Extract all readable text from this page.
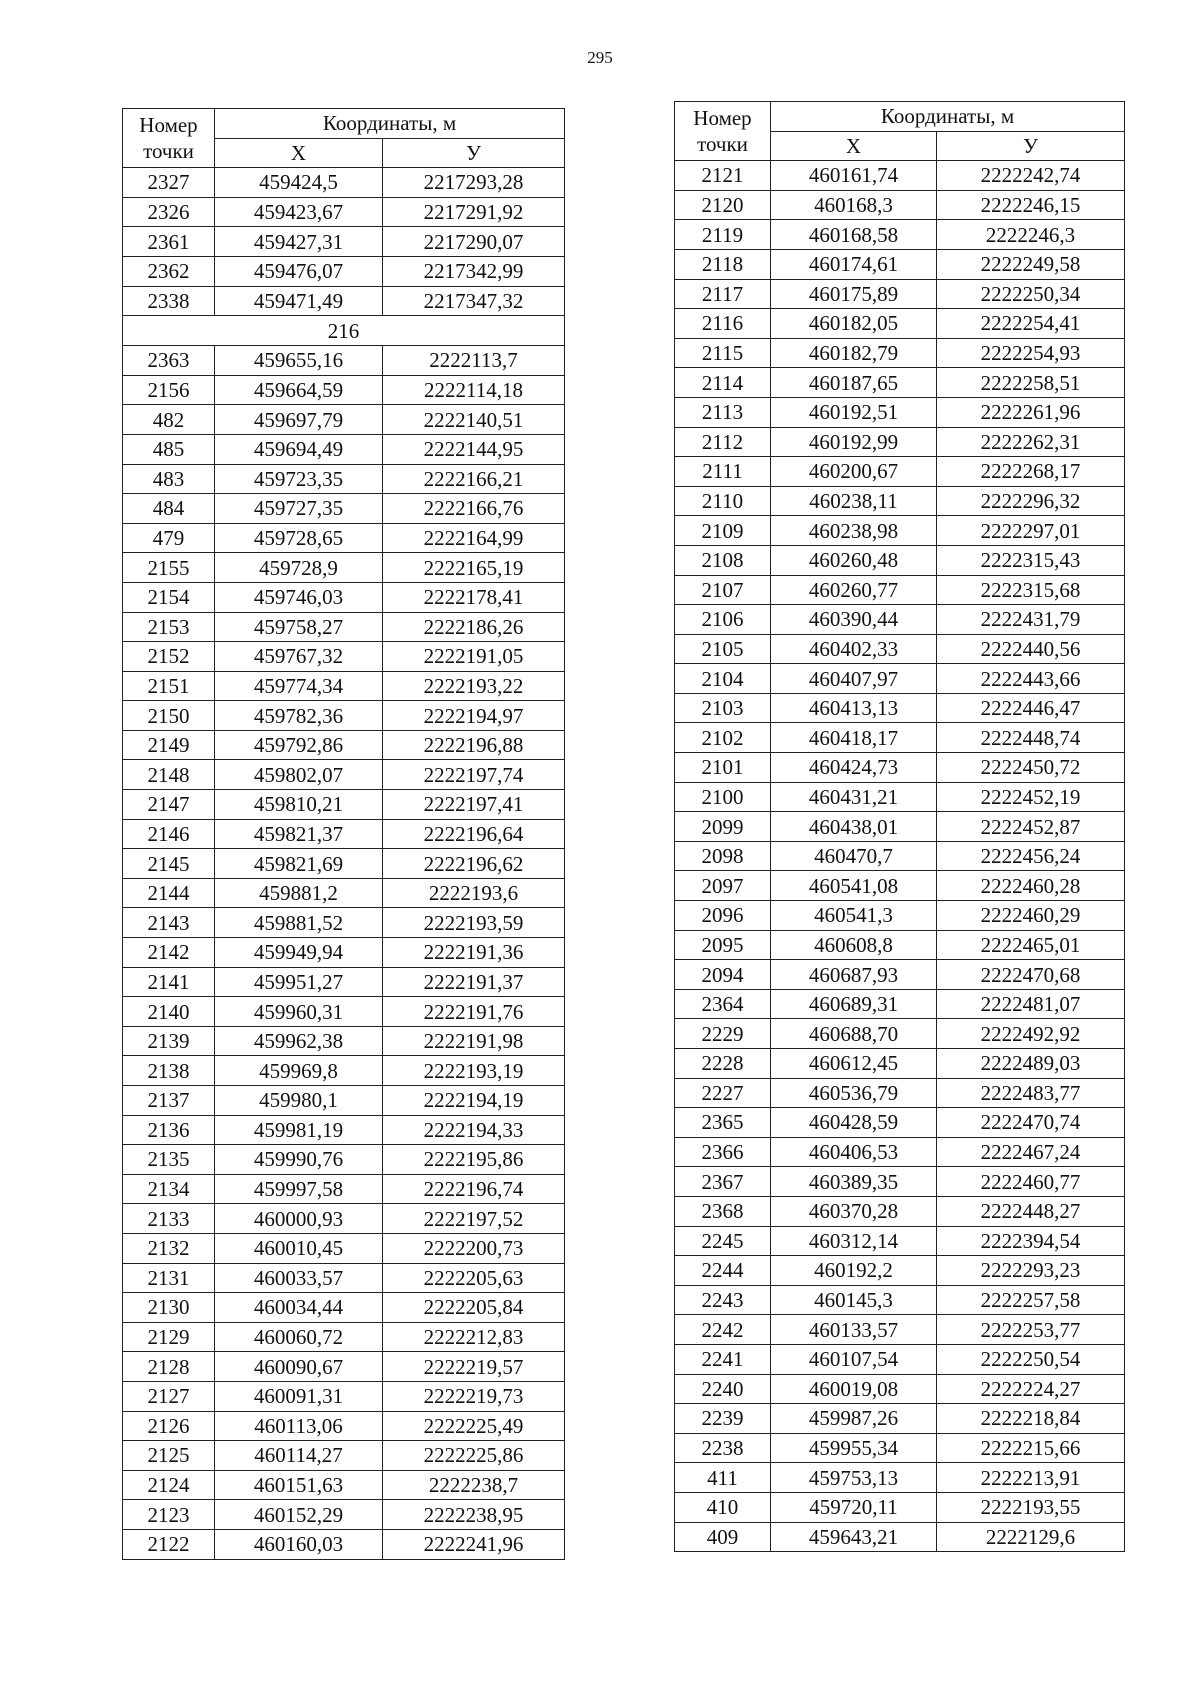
295
Номер точки	Координаты, м	
	Х	У
2327	459424,5	2217293,28
2326	459423,67	2217291,92
2361	459427,31	2217290,07
2362	459476,07	2217342,99
2338	459471,49	2217347,32
216		
2363	459655,16	2222113,7
2156	459664,59	2222114,18
482	459697,79	2222140,51
485	459694,49	2222144,95
483	459723,35	2222166,21
484	459727,35	2222166,76
479	459728,65	2222164,99
2155	459728,9	2222165,19
2154	459746,03	2222178,41
2153	459758,27	2222186,26
2152	459767,32	2222191,05
2151	459774,34	2222193,22
2150	459782,36	2222194,97
2149	459792,86	2222196,88
2148	459802,07	2222197,74
2147	459810,21	2222197,41
2146	459821,37	2222196,64
2145	459821,69	2222196,62
2144	459881,2	2222193,6
2143	459881,52	2222193,59
2142	459949,94	2222191,36
2141	459951,27	2222191,37
2140	459960,31	2222191,76
2139	459962,38	2222191,98
2138	459969,8	2222193,19
2137	459980,1	2222194,19
2136	459981,19	2222194,33
2135	459990,76	2222195,86
2134	459997,58	2222196,74
2133	460000,93	2222197,52
2132	460010,45	2222200,73
2131	460033,57	2222205,63
2130	460034,44	2222205,84
2129	460060,72	2222212,83
2128	460090,67	2222219,57
2127	460091,31	2222219,73
2126	460113,06	2222225,49
2125	460114,27	2222225,86
2124	460151,63	2222238,7
2123	460152,29	2222238,95
2122	460160,03	2222241,96
Номер точки	Координаты, м	
	Х	У
2121	460161,74	2222242,74
2120	460168,3	2222246,15
2119	460168,58	2222246,3
2118	460174,61	2222249,58
2117	460175,89	2222250,34
2116	460182,05	2222254,41
2115	460182,79	2222254,93
2114	460187,65	2222258,51
2113	460192,51	2222261,96
2112	460192,99	2222262,31
2111	460200,67	2222268,17
2110	460238,11	2222296,32
2109	460238,98	2222297,01
2108	460260,48	2222315,43
2107	460260,77	2222315,68
2106	460390,44	2222431,79
2105	460402,33	2222440,56
2104	460407,97	2222443,66
2103	460413,13	2222446,47
2102	460418,17	2222448,74
2101	460424,73	2222450,72
2100	460431,21	2222452,19
2099	460438,01	2222452,87
2098	460470,7	2222456,24
2097	460541,08	2222460,28
2096	460541,3	2222460,29
2095	460608,8	2222465,01
2094	460687,93	2222470,68
2364	460689,31	2222481,07
2229	460688,70	2222492,92
2228	460612,45	2222489,03
2227	460536,79	2222483,77
2365	460428,59	2222470,74
2366	460406,53	2222467,24
2367	460389,35	2222460,77
2368	460370,28	2222448,27
2245	460312,14	2222394,54
2244	460192,2	2222293,23
2243	460145,3	2222257,58
2242	460133,57	2222253,77
2241	460107,54	2222250,54
2240	460019,08	2222224,27
2239	459987,26	2222218,84
2238	459955,34	2222215,66
411	459753,13	2222213,91
410	459720,11	2222193,55
409	459643,21	2222129,6
